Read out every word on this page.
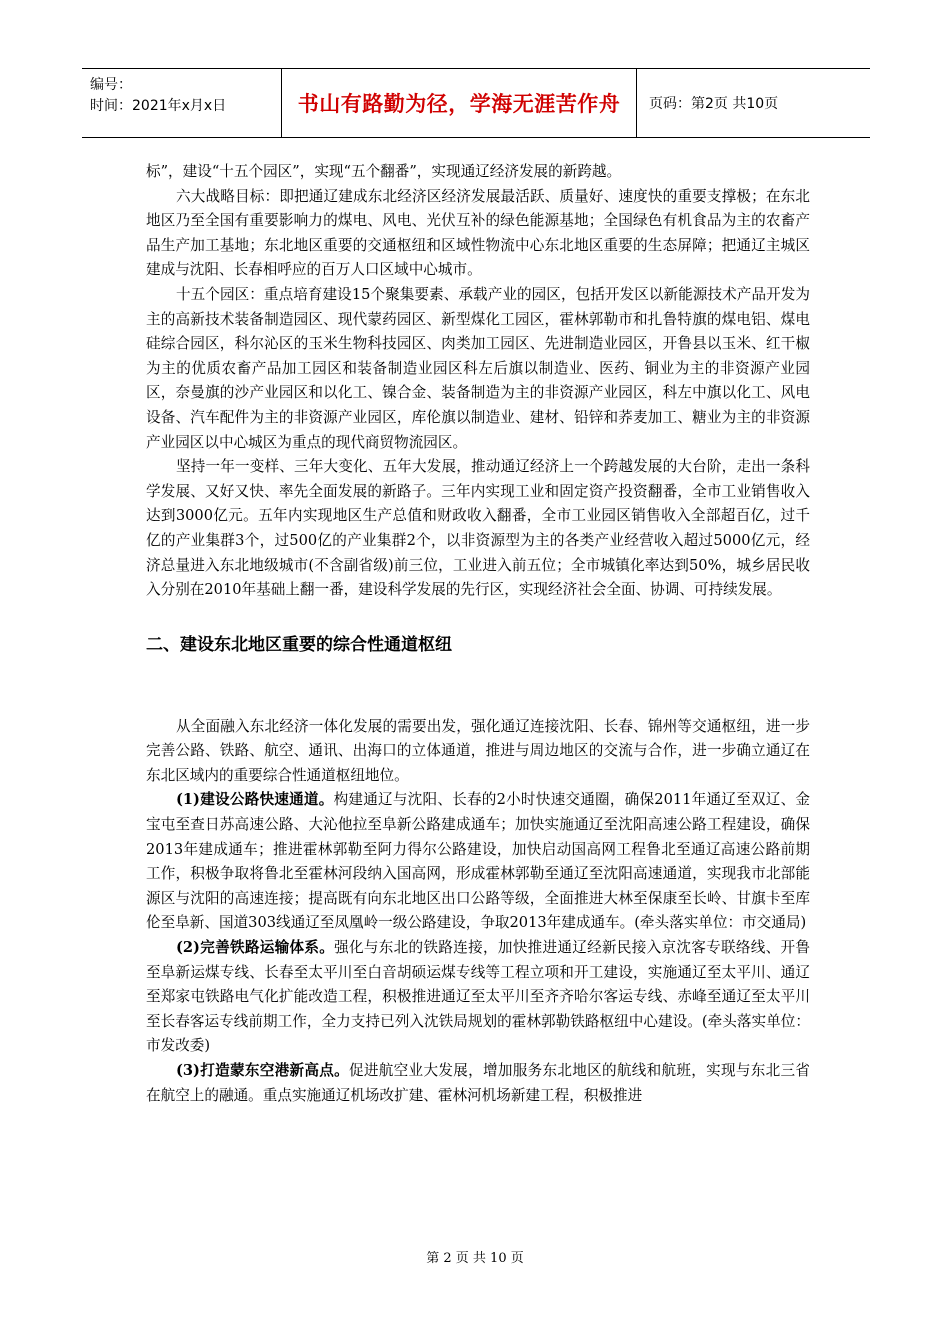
编号：
时间：2021年x月x日	书山有路勤为径，学海无涯苦作舟 页码：第2页 共10页

标”，建设“十五个园区”，实现“五个翻番”，实现通辽经济发展的新跨越。

六大战略目标：即把通辽建成东北经济区经济发展最活跃、质量好、速度快的重要支撑极；在东北地区乃至全国有重要影响力的煤电、风电、光伏互补的绿色能源基地；全国绿色有机食品为主的农畜产品生产加工基地；东北地区重要的交通枢纽和区域性物流中心东北地区重要的生态屏障；把通辽主城区建成与沈阳、长春相呼应的百万人口区域中心城市。

十五个园区：重点培育建设15个聚集要素、承载产业的园区，包括开发区以新能源技术产品开发为主的高新技术装备制造园区、现代蒙药园区、新型煤化工园区，霍林郭勒市和扎鲁特旗的煤电铝、煤电硅综合园区，科尔沁区的玉米生物科技园区、肉类加工园区、先进制造业园区，开鲁县以玉米、红干椒为主的优质农畜产品加工园区和装备制造业园区科左后旗以制造业、医药、铜业为主的非资源产业园区，奈曼旗的沙产业园区和以化工、镍合金、装备制造为主的非资源产业园区，科左中旗以化工、风电设备、汽车配件为主的非资源产业园区，库伦旗以制造业、建材、铅锌和荞麦加工、糖业为主的非资源产业园区以中心城区为重点的现代商贸物流园区。

坚持一年一变样、三年大变化、五年大发展，推动通辽经济上一个跨越发展的大台阶，走出一条科学发展、又好又快、率先全面发展的新路子。三年内实现工业和固定资产投资翻番，全市工业销售收入达到3000亿元。五年内实现地区生产总值和财政收入翻番，全市工业园区销售收入全部超百亿，过千亿的产业集群3个，过500亿的产业集群2个，以非资源型为主的各类产业经营收入超过5000亿元，经济总量进入东北地级城市(不含副省级)前三位，工业进入前五位；全市城镇化率达到50%，城乡居民收入分别在2010年基础上翻一番，建设科学发展的先行区，实现经济社会全面、协调、可持续发展。

二、建设东北地区重要的综合性通道枢纽

从全面融入东北经济一体化发展的需要出发，强化通辽连接沈阳、长春、锦州等交通枢纽，进一步完善公路、铁路、航空、通讯、出海口的立体通道，推进与周边地区的交流与合作，进一步确立通辽在东北区域内的重要综合性通道枢纽地位。

(1)建设公路快速通道。构建通辽与沈阳、长春的2小时快速交通圈，确保2011年通辽至双辽、金宝屯至查日苏高速公路、大沁他拉至阜新公路建成通车；加快实施通辽至沈阳高速公路工程建设，确保2013年建成通车；推进霍林郭勒至阿力得尔公路建设，加快启动国高网工程鲁北至通辽高速公路前期工作，积极争取将鲁北至霍林河段纳入国高网，形成霍林郭勒至通辽至沈阳高速通道，实现我市北部能源区与沈阳的高速连接；提高既有向东北地区出口公路等级，全面推进大林至保康至长岭、甘旗卡至库伦至阜新、国道303线通辽至凤凰岭一级公路建设，争取2013年建成通车。(牵头落实单位：市交通局)

(2)完善铁路运输体系。强化与东北的铁路连接，加快推进通辽经新民接入京沈客专联络线、开鲁至阜新运煤专线、长春至太平川至白音胡硕运煤专线等工程立项和开工建设，实施通辽至太平川、通辽至郑家屯铁路电气化扩能改造工程，积极推进通辽至太平川至齐齐哈尔客运专线、赤峰至通辽至太平川至长春客运专线前期工作，全力支持已列入沈铁局规划的霍林郭勒铁路枢纽中心建设。(牵头落实单位：市发改委)

(3)打造蒙东空港新高点。促进航空业大发展，增加服务东北地区的航线和航班，实现与东北三省在航空上的融通。重点实施通辽机场改扩建、霍林河机场新建工程，积极推进

第 2 页 共 10 页
